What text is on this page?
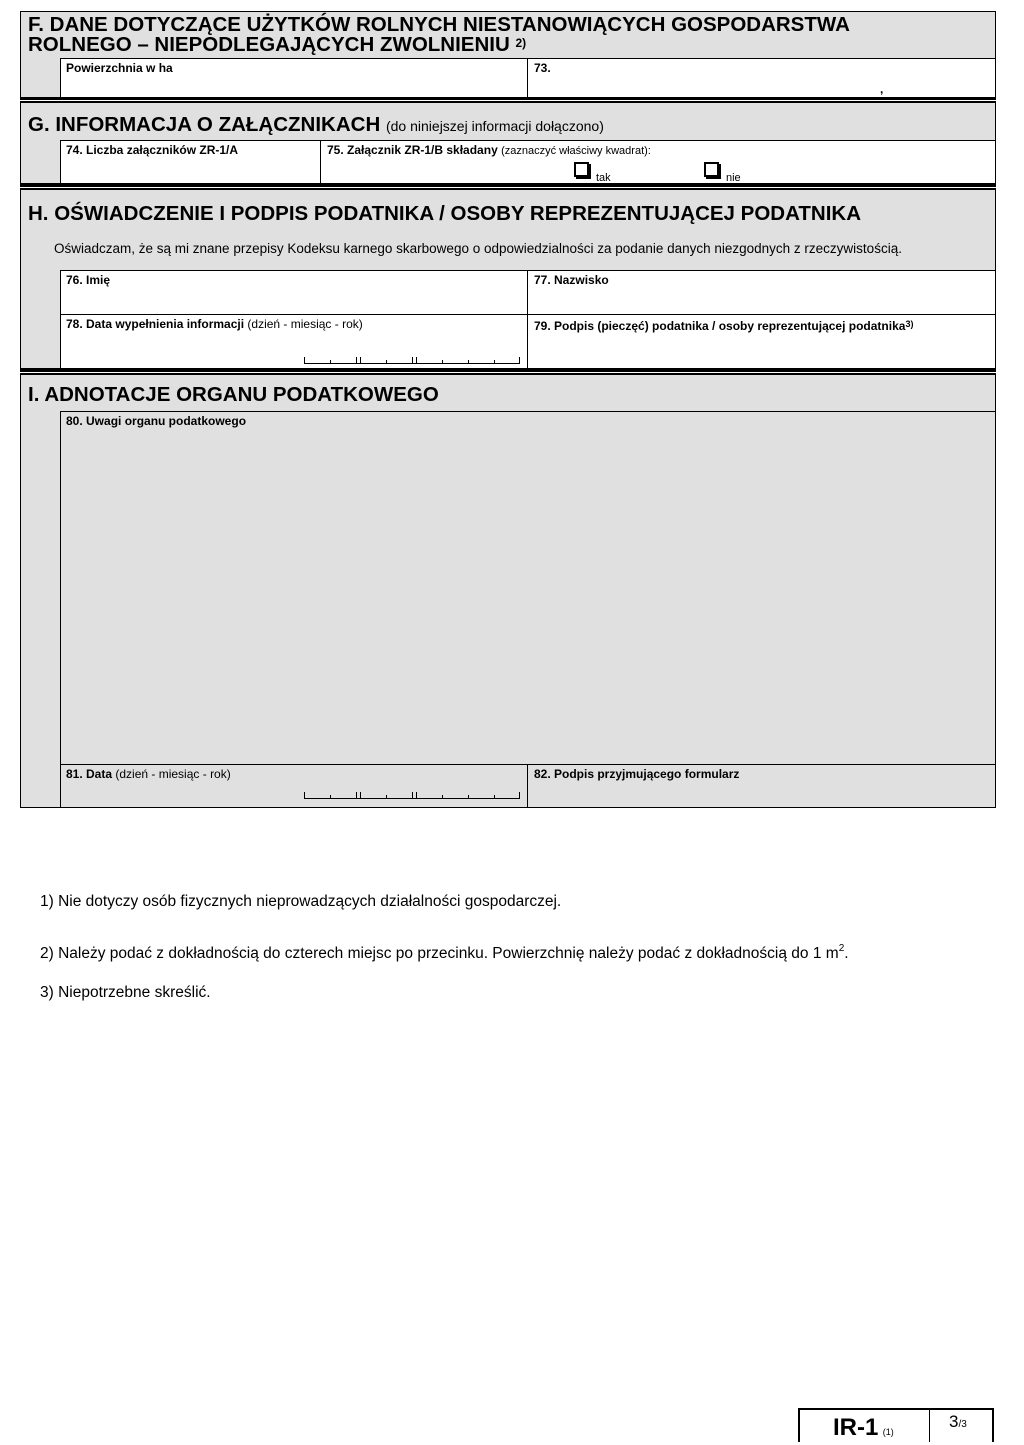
F. DANE DOTYCZĄCE UŻYTKÓW ROLNYCH NIESTANOWIĄCYCH GOSPODARSTWA
ROLNEGO – NIEPODLEGAJĄCYCH ZWOLNIENIU $^{2)}$
Powierzchnia w ha	73.
,
G. INFORMACJA O ZAŁĄCZNIKACH (do niniejszej informacji dołączono)
74. Liczba załączników ZR-1/A	75. Załącznik ZR-1/B składany (zaznaczyć właściwy kwadrat):
tak	nie
H. OŚWIADCZENIE I PODPIS PODATNIKA / OSOBY REPREZENTUJĄCEJ PODATNIKA
Oświadczam, że są mi znane przepisy Kodeksu karnego skarbowego o odpowiedzialności za podanie danych niezgodnych z rzeczywistością.
76. Imię	77. Nazwisko
78. Data wypełnienia informacji (dzień - miesiąc - rok)	79. Podpis (pieczęć) podatnika / osoby reprezentującej podatnika$^{3)}$
I. ADNOTACJE ORGANU PODATKOWEGO
80. Uwagi organu podatkowego
81. Data (dzień - miesiąc - rok)	82. Podpis przyjmującego formularz
1) Nie dotyczy osób fizycznych nieprowadzących działalności gospodarczej.
2) Należy podać z dokładnością do czterech miejsc po przecinku. Powierzchnię należy podać z dokładnością do 1 $m^2$.
3) Niepotrzebne skreślić.
IR-1 (1)
3/3
